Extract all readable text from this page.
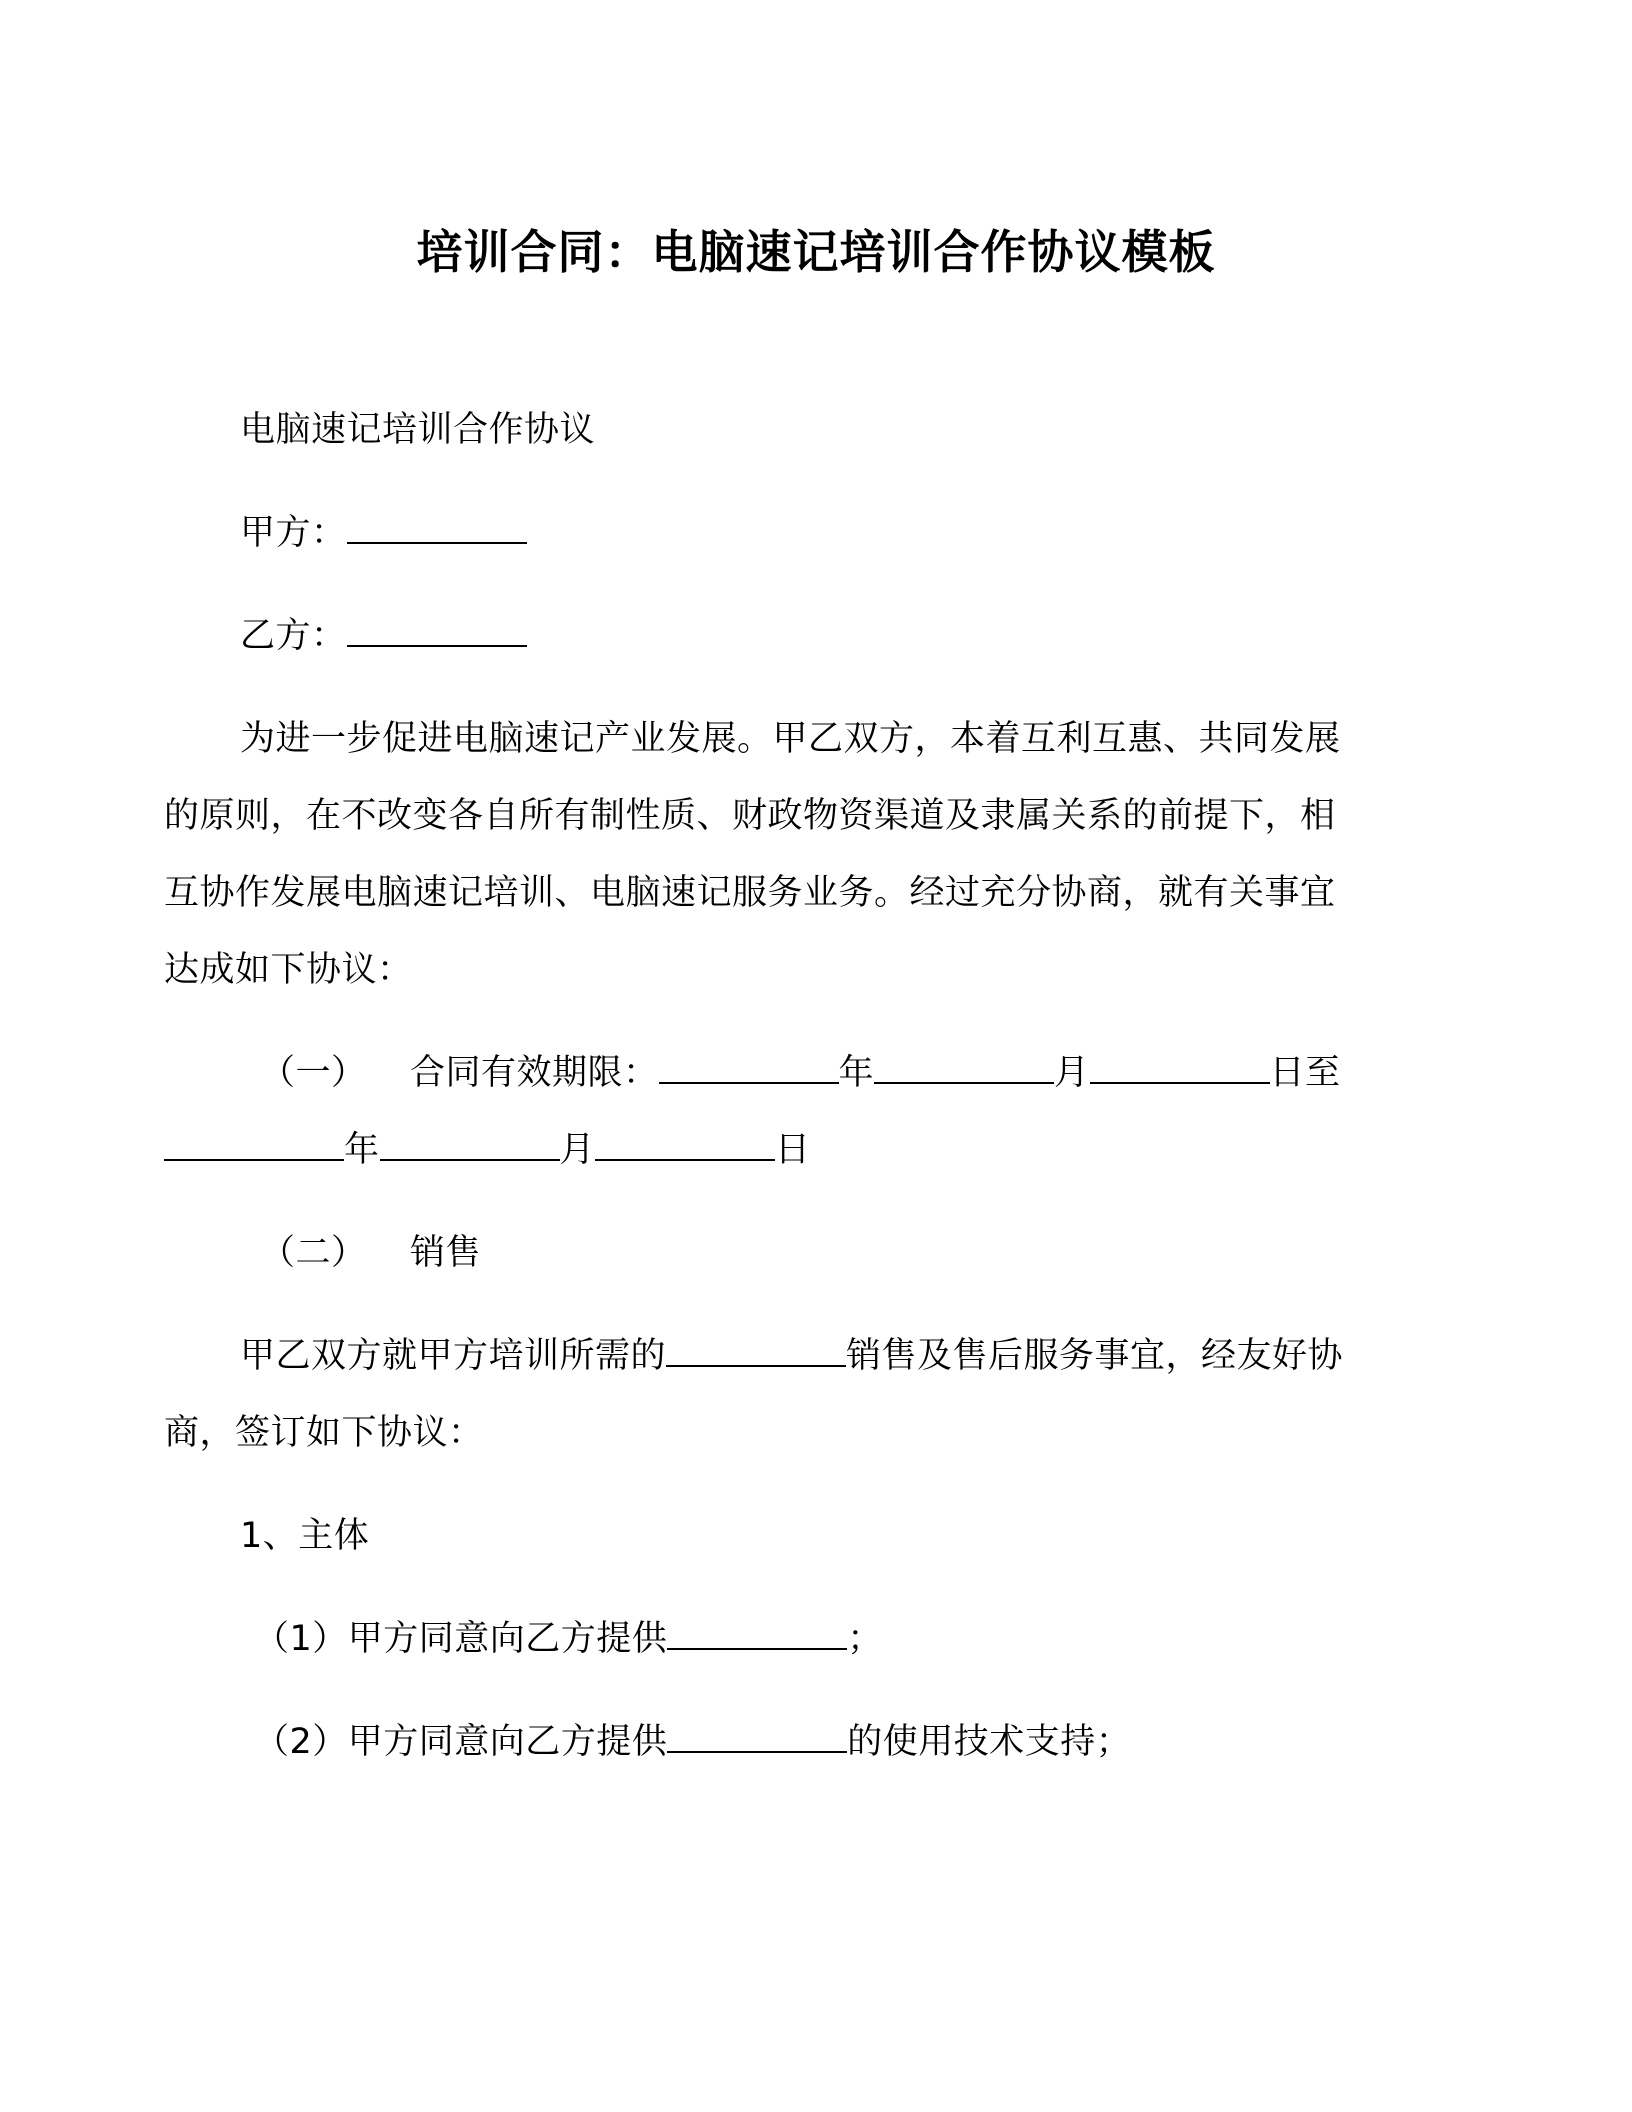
培训合同：电脑速记培训合作协议模板

电脑速记培训合作协议

甲方：

乙方：

为进一步促进电脑速记产业发展。甲乙双方，本着互利互惠、共同发展的原则，在不改变各自所有制性质、财政物资渠道及隶属关系的前提下，相互协作发展电脑速记培训、电脑速记服务业务。经过充分协商，就有关事宜达成如下协议：

（一） 合同有效期限：	年	月	日至年	月	日

（二） 销售

甲乙双方就甲方培训所需的	销售及售后服务事宜，经友好协商，签订如下协议：

1、主体

（1）甲方同意向乙方提供	；

（2）甲方同意向乙方提供	的使用技术支持；
